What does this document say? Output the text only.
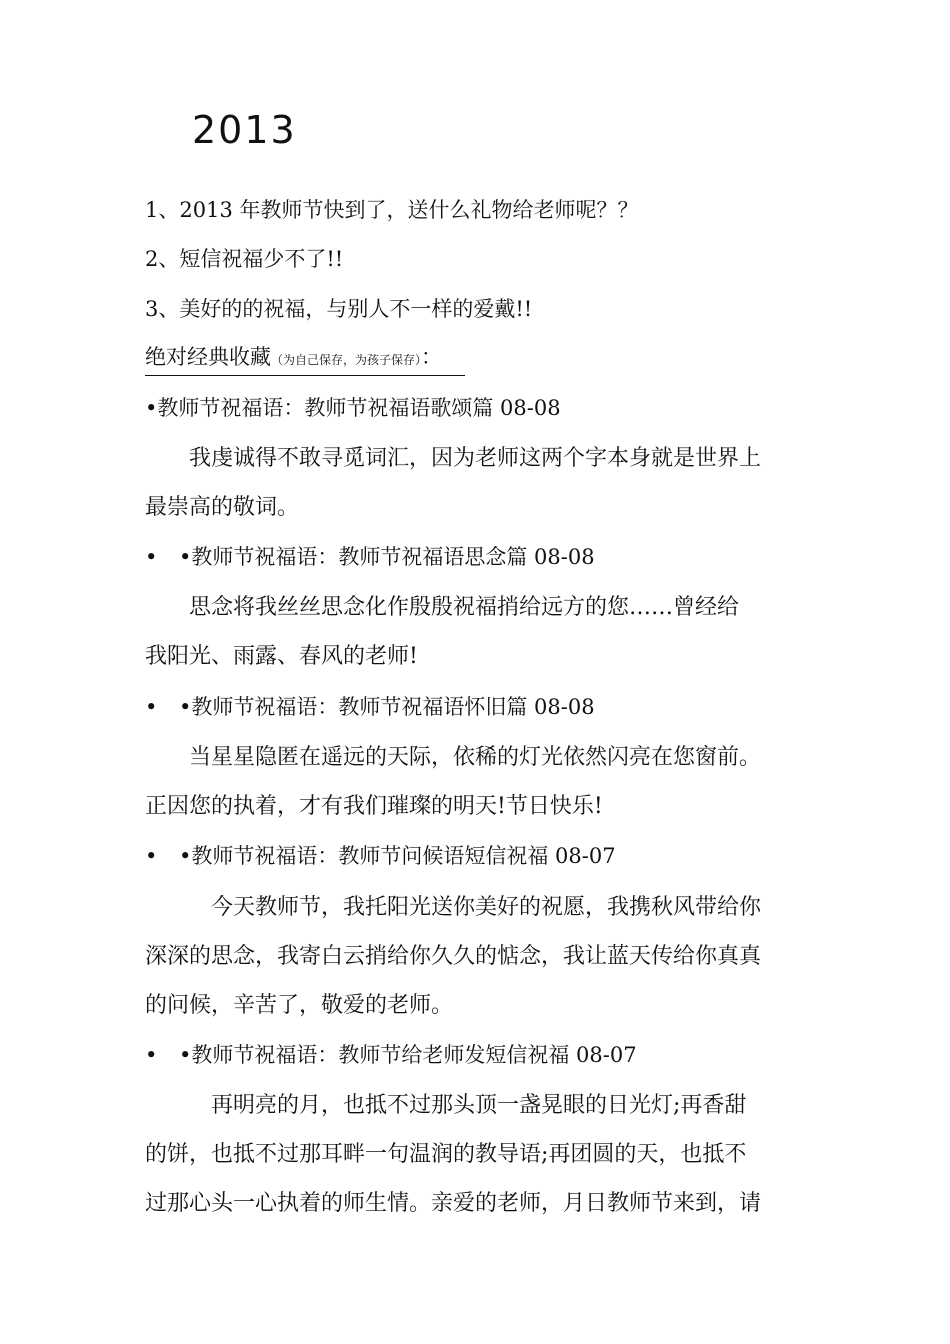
2013
1、2013 年教师节快到了，送什么礼物给老师呢？？
2、短信祝福少不了!!
3、美好的的祝福，与别人不一样的爱戴!!
绝对经典收藏（为自己保存，为孩子保存）：
•教师节祝福语：教师节祝福语歌颂篇 08-08
　　我虔诚得不敢寻觅词汇，因为老师这两个字本身就是世界上
最崇高的敬词。
• •教师节祝福语：教师节祝福语思念篇 08-08
　　思念将我丝丝思念化作殷殷祝福捎给远方的您……曾经给
我阳光、雨露、春风的老师!
• •教师节祝福语：教师节祝福语怀旧篇 08-08
　　当星星隐匿在遥远的天际，依稀的灯光依然闪亮在您窗前。
正因您的执着，才有我们璀璨的明天!节日快乐!
• •教师节祝福语：教师节问候语短信祝福 08-07
　　　今天教师节，我托阳光送你美好的祝愿，我携秋风带给你
深深的思念，我寄白云捎给你久久的惦念，我让蓝天传给你真真
的问候，辛苦了，敬爱的老师。
• •教师节祝福语：教师节给老师发短信祝福 08-07
　　　再明亮的月，也抵不过那头顶一盏晃眼的日光灯;再香甜
的饼，也抵不过那耳畔一句温润的教导语;再团圆的天，也抵不
过那心头一心执着的师生情。亲爱的老师，月日教师节来到，请
